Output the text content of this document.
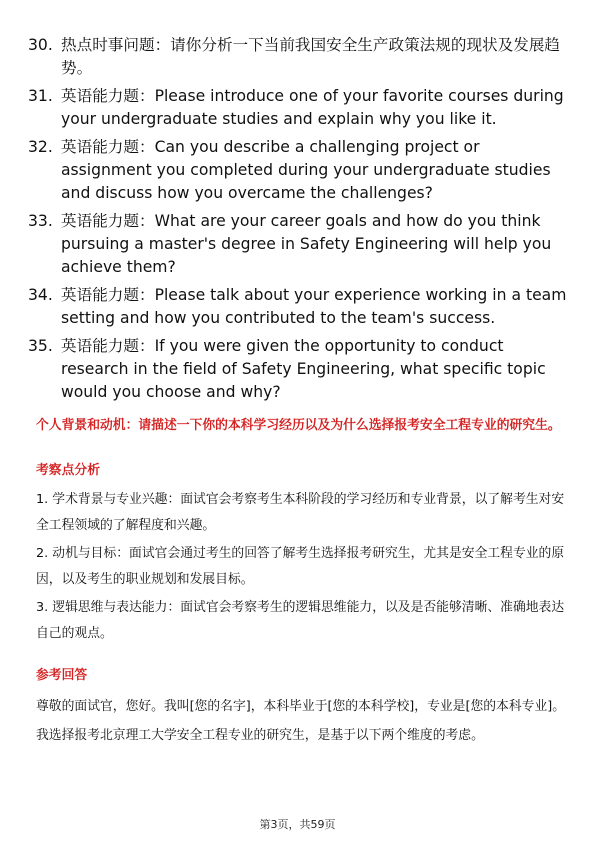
30. 热点时事问题：请你分析一下当前我国安全生产政策法规的现状及发展趋势。
31. 英语能力题：Please introduce one of your favorite courses during your undergraduate studies and explain why you like it.
32. 英语能力题：Can you describe a challenging project or assignment you completed during your undergraduate studies and discuss how you overcame the challenges?
33. 英语能力题：What are your career goals and how do you think pursuing a master's degree in Safety Engineering will help you achieve them?
34. 英语能力题：Please talk about your experience working in a team setting and how you contributed to the team's success.
35. 英语能力题：If you were given the opportunity to conduct research in the field of Safety Engineering, what specific topic would you choose and why?
个人背景和动机：请描述一下你的本科学习经历以及为什么选择报考安全工程专业的研究生。
考察点分析
1. 学术背景与专业兴趣：面试官会考察考生本科阶段的学习经历和专业背景，以了解考生对安全工程领域的了解程度和兴趣。
2. 动机与目标：面试官会通过考生的回答了解考生选择报考研究生，尤其是安全工程专业的原因，以及考生的职业规划和发展目标。
3. 逻辑思维与表达能力：面试官会考察考生的逻辑思维能力，以及是否能够清晰、准确地表达自己的观点。
参考回答
尊敬的面试官，您好。我叫[您的名字]，本科毕业于[您的本科学校]，专业是[您的本科专业]。我选择报考北京理工大学安全工程专业的研究生，是基于以下两个维度的考虑。
第3页，共59页
